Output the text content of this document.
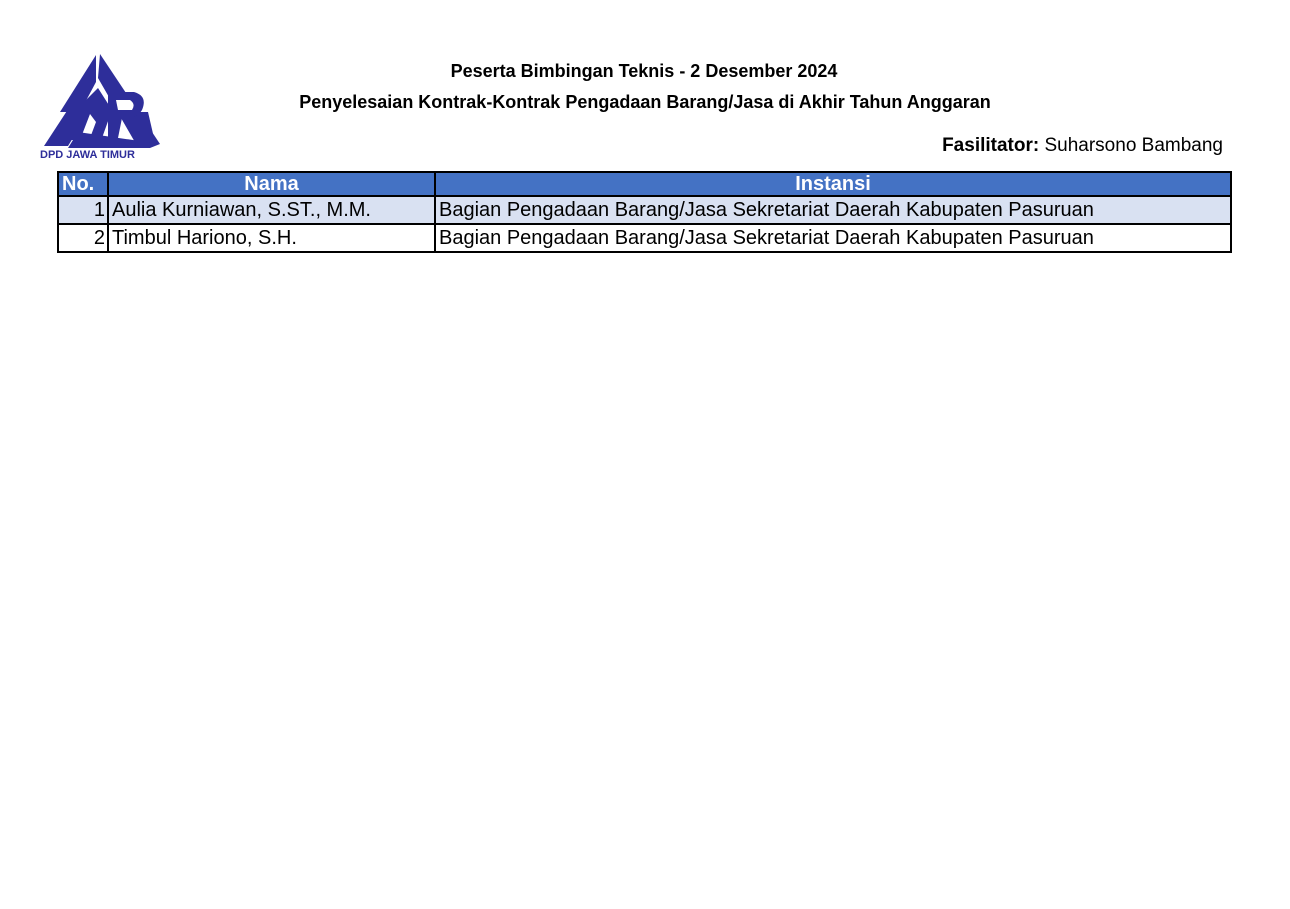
DPD JAWA TIMUR
Peserta Bimbingan Teknis - 2 Desember 2024
Penyelesaian Kontrak-Kontrak Pengadaan Barang/Jasa di Akhir Tahun Anggaran
Fasilitator: Suharsono Bambang
No.	Nama	Instansi
1	Aulia Kurniawan, S.ST., M.M.	Bagian Pengadaan Barang/Jasa Sekretariat Daerah Kabupaten Pasuruan
2	Timbul Hariono, S.H.	Bagian Pengadaan Barang/Jasa Sekretariat Daerah Kabupaten Pasuruan
